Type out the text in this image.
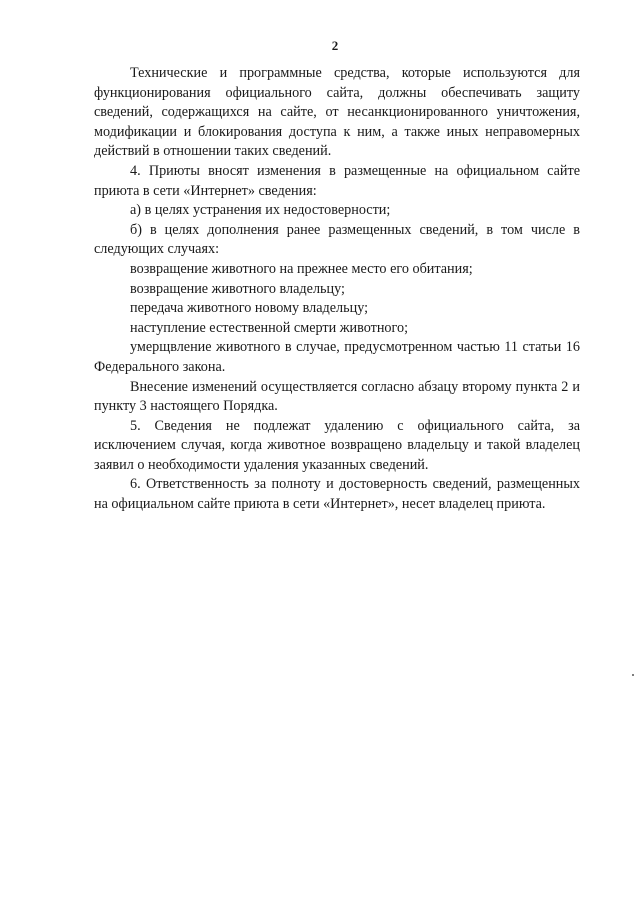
2

Технические и программные средства, которые используются для функционирования официального сайта, должны обеспечивать защиту сведений, содержащихся на сайте, от несанкционированного уничтожения, модификации и блокирования доступа к ним, а также иных неправомерных действий в отношении таких сведений.

4. Приюты вносят изменения в размещенные на официальном сайте приюта в сети «Интернет» сведения:

а) в целях устранения их недостоверности;

б) в целях дополнения ранее размещенных сведений, в том числе в следующих случаях:

возвращение животного на прежнее место его обитания;

возвращение животного владельцу;

передача животного новому владельцу;

наступление естественной смерти животного;

умерщвление животного в случае, предусмотренном частью 11 статьи 16 Федерального закона.

Внесение изменений осуществляется согласно абзацу второму пункта 2 и пункту 3 настоящего Порядка.

5. Сведения не подлежат удалению с официального сайта, за исключением случая, когда животное возвращено владельцу и такой владелец заявил о необходимости удаления указанных сведений.

6. Ответственность за полноту и достоверность сведений, размещенных на официальном сайте приюта в сети «Интернет», несет владелец приюта.
